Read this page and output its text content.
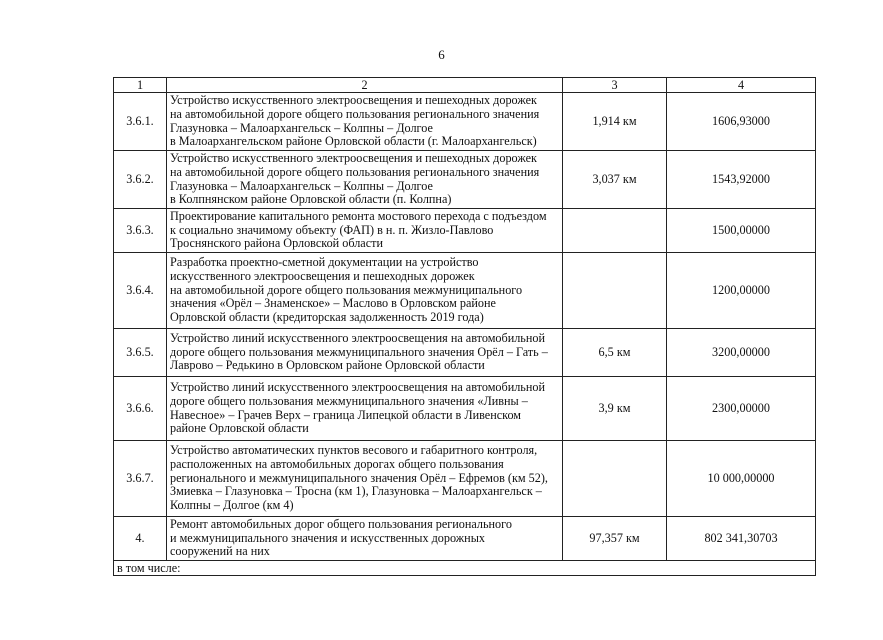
6
1	2	3	4
3.6.1.	Устройство искусственного электроосвещения и пешеходных дорожек
на автомобильной дороге общего пользования регионального значения
Глазуновка – Малоархангельск – Колпны – Долгое
в Малоархангельском районе Орловской области (г. Малоархангельск)	1,914 км	1606,93000
3.6.2.	Устройство искусственного электроосвещения и пешеходных дорожек
на автомобильной дороге общего пользования регионального значения
Глазуновка – Малоархангельск – Колпны – Долгое
в Колпнянском районе Орловской области (п. Колпна)	3,037 км	1543,92000
3.6.3.	Проектирование капитального ремонта мостового перехода с подъездом
к социально значимому объекту (ФАП) в н. п. Жизло-Павлово
Троснянского района Орловской области		1500,00000
3.6.4.	Разработка проектно-сметной документации на устройство
искусственного электроосвещения и пешеходных дорожек
на автомобильной дороге общего пользования межмуниципального
значения «Орёл – Знаменское» – Маслово в Орловском районе
Орловской области (кредиторская задолженность 2019 года)		1200,00000
3.6.5.	Устройство линий искусственного электроосвещения на автомобильной
дороге общего пользования межмуниципального значения Орёл – Гать –
Лаврово – Редькино в Орловском районе Орловской области	6,5 км	3200,00000
3.6.6.	Устройство линий искусственного электроосвещения на автомобильной
дороге общего пользования межмуниципального значения «Ливны –
Навесное» – Грачев Верх – граница Липецкой области в Ливенском
районе Орловской области	3,9 км	2300,00000
3.6.7.	Устройство автоматических пунктов весового и габаритного контроля,
расположенных на автомобильных дорогах общего пользования
регионального и межмуниципального значения Орёл – Ефремов (км 52),
Змиевка – Глазуновка – Тросна (км 1), Глазуновка – Малоархангельск –
Колпны – Долгое (км 4)		10 000,00000
4.	Ремонт автомобильных дорог общего пользования регионального
и межмуниципального значения и искусственных дорожных
сооружений на них	97,357 км	802 341,30703
в том числе:			
